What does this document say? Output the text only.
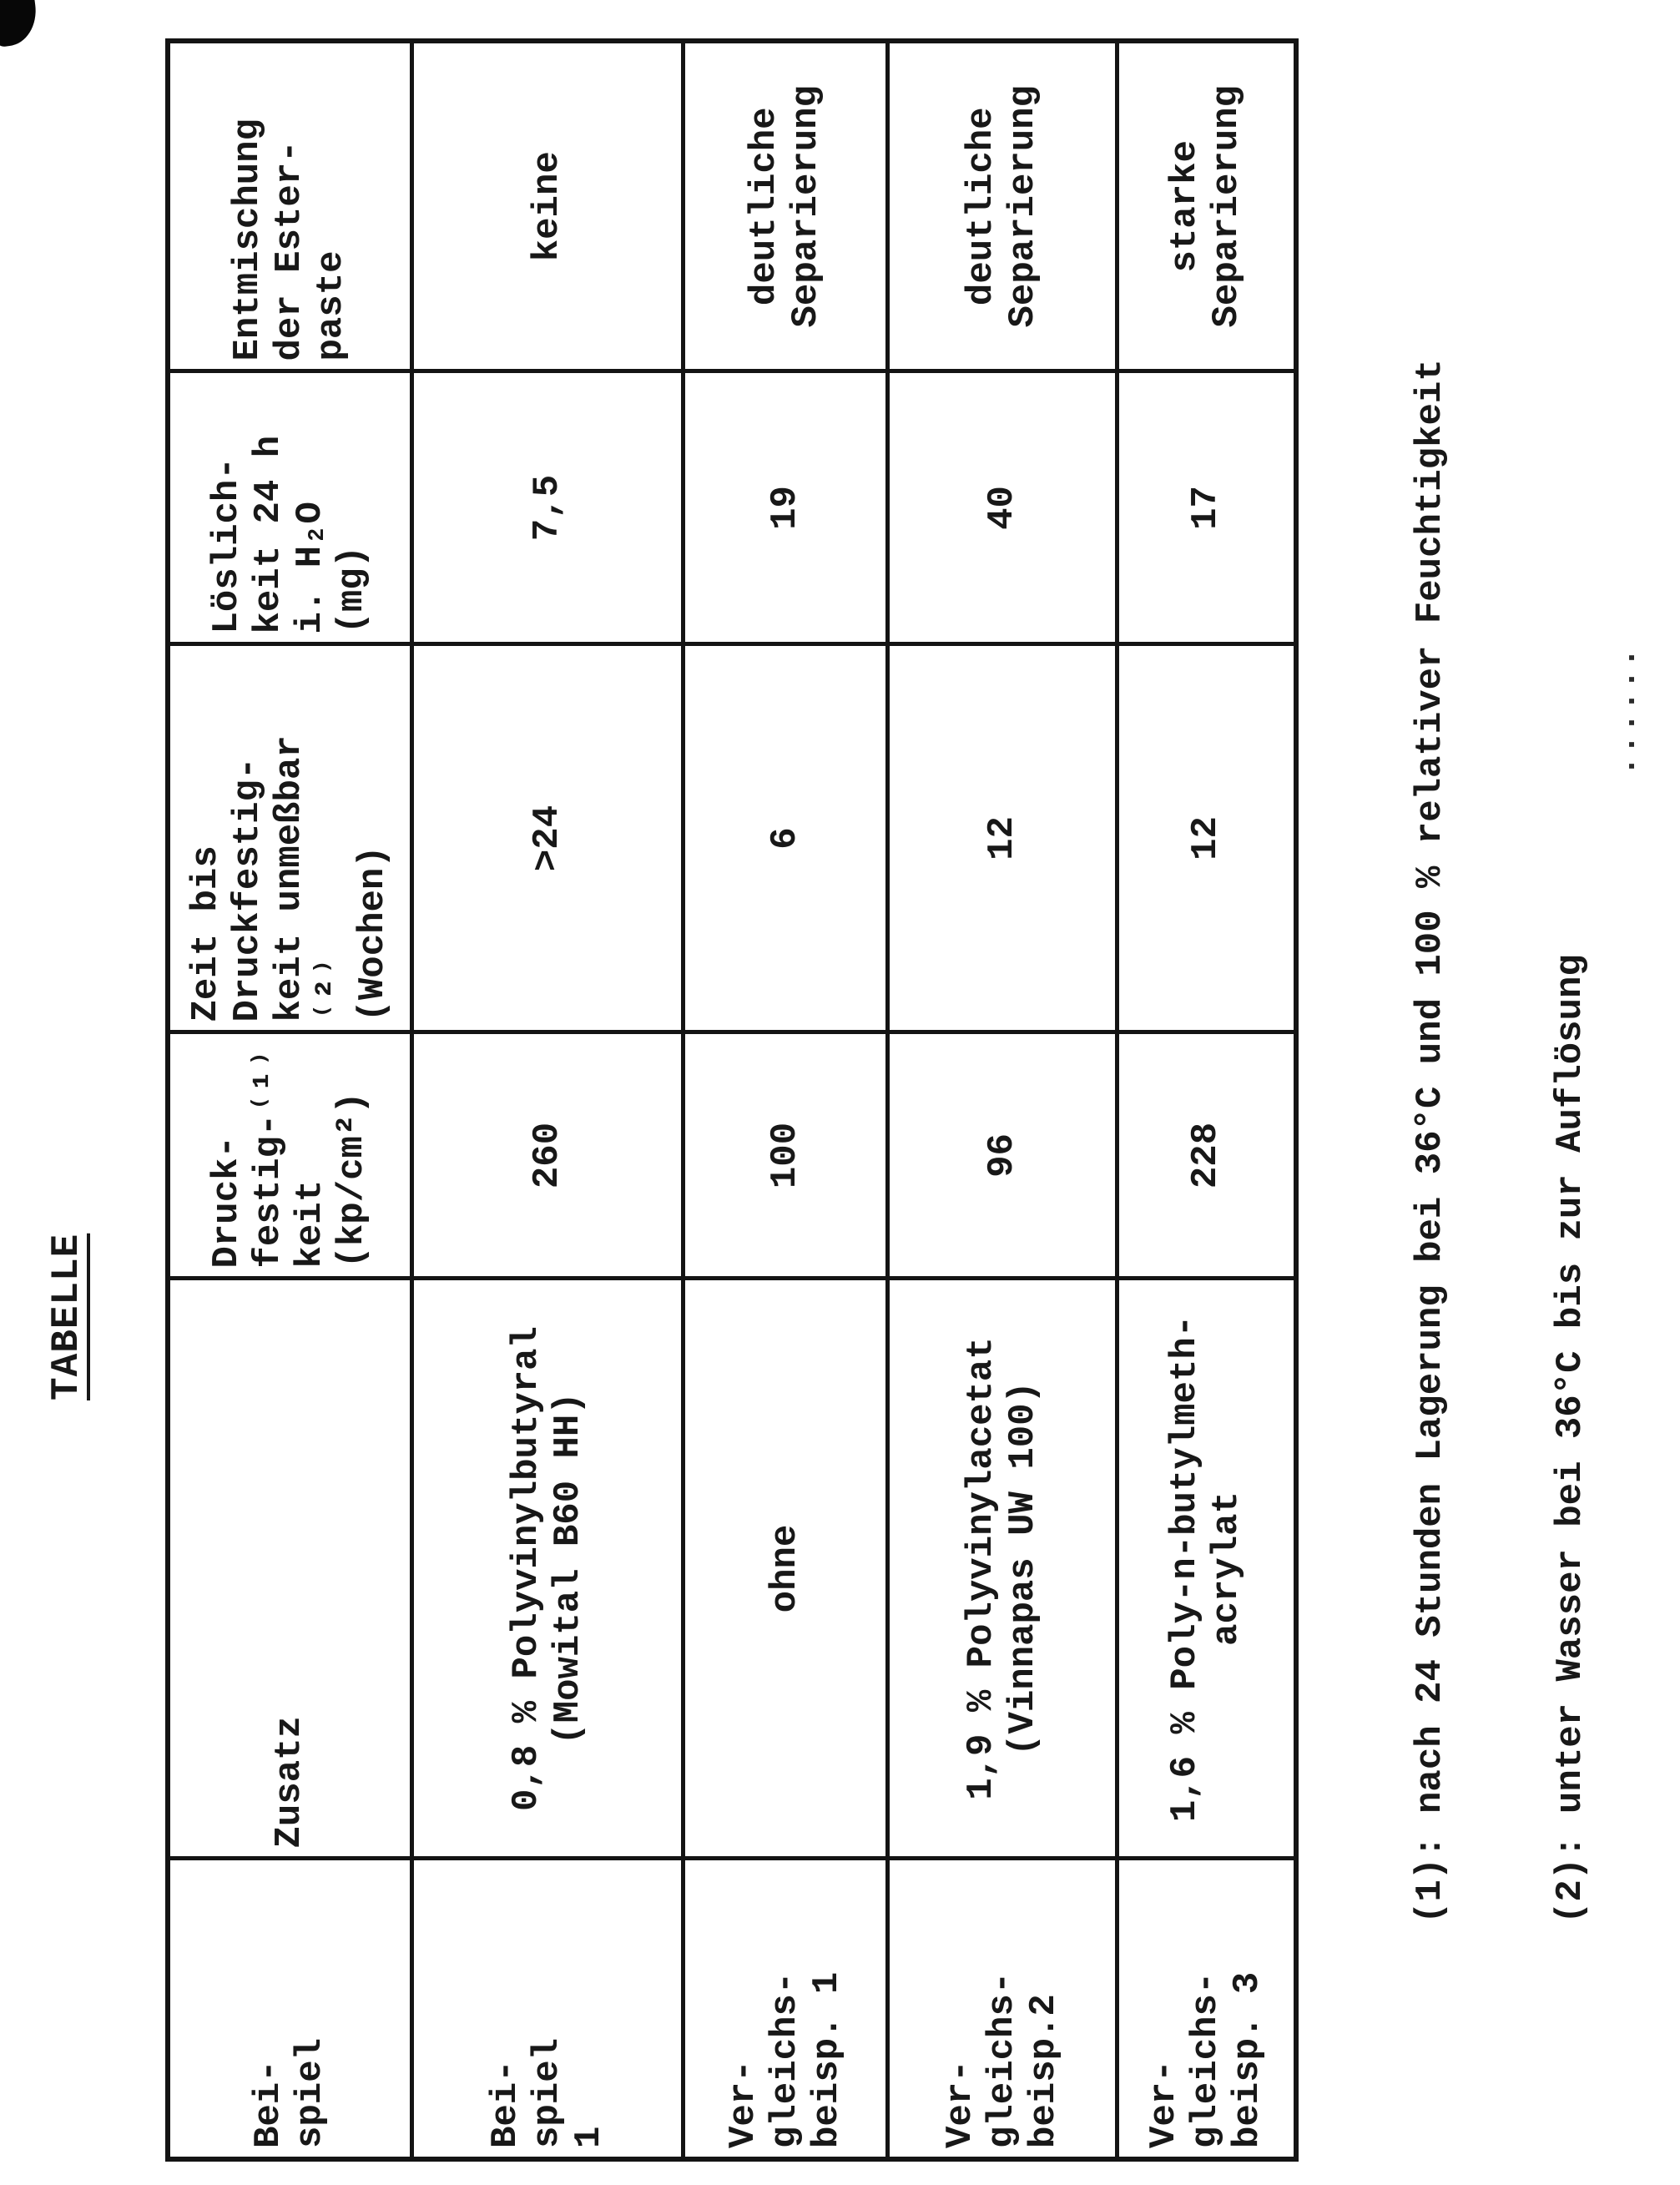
TABELLE
Bei-
spiel	Zusatz	Druck-
festig-⁽¹⁾
keit
(kp/cm²)	Zeit bis
Druckfestig-
keit unmeßbar ⁽²⁾
(Wochen)	Löslich-
keit 24 h
i. H₂O
(mg)	Entmischung
der Ester-
paste
Bei-
spiel
1	0,8 % Polyvinylbutyral
(Mowital B60 HH)	260	>24	7,5	keine
Ver-
gleichs-
beisp. 1	ohne	100	6	19	deutliche
Separierung
Ver-
gleichs-
beisp.2	1,9 % Polyvinylacetat
(Vinnapas UW 100)	96	12	40	deutliche
Separierung
Ver-
gleichs-
beisp. 3	1,6 % Poly-n-butylmeth-
acrylat	228	12	17	starke
Separierung

(1): nach 24 Stunden Lagerung bei 36°C und 100 % relativer Feuchtigkeit	(2): unter Wasser bei 36°C bis zur Auflösung

......
